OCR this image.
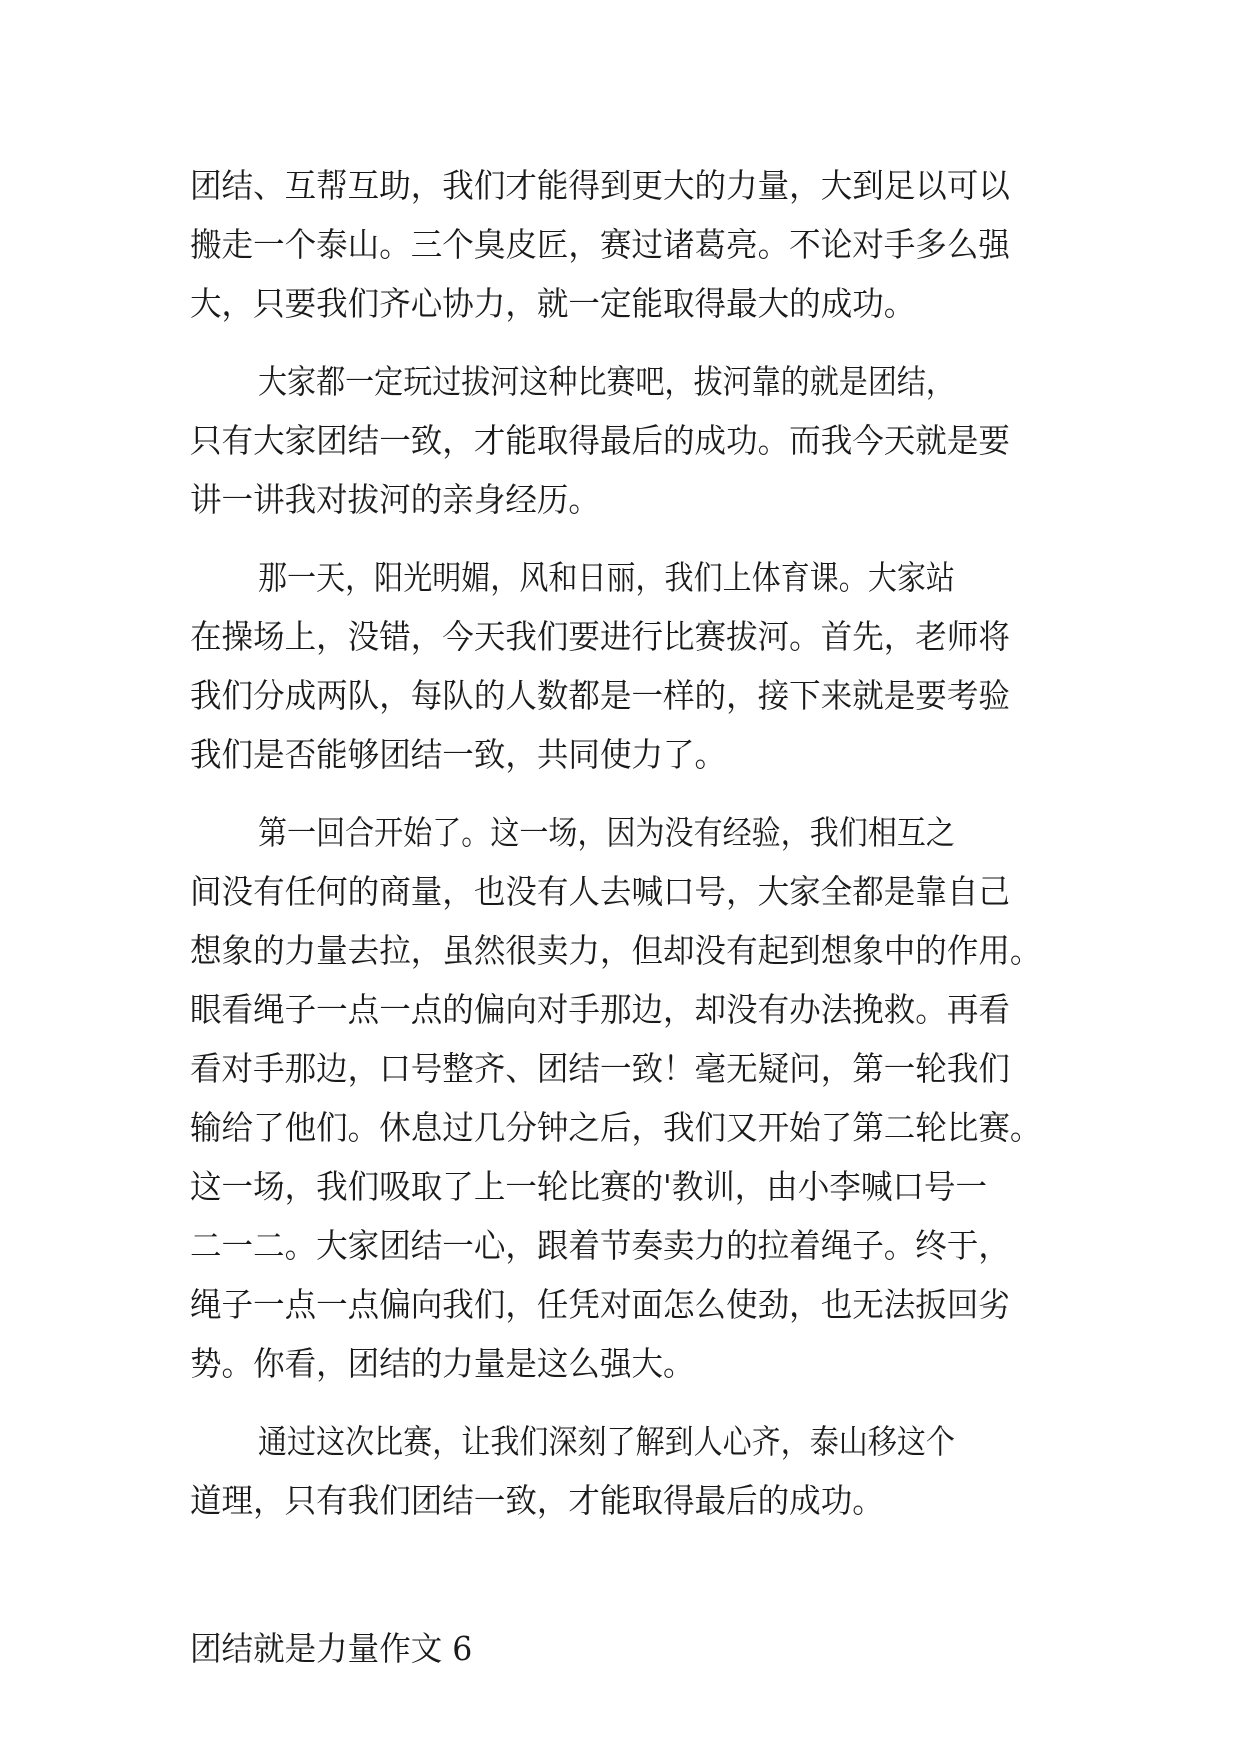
团结、互帮互助，我们才能得到更大的力量，大到足以可以
搬走一个泰山。三个臭皮匠，赛过诸葛亮。不论对手多么强
大，只要我们齐心协力，就一定能取得最大的成功。
大家都一定玩过拔河这种比赛吧，拔河靠的就是团结，
只有大家团结一致，才能取得最后的成功。而我今天就是要
讲一讲我对拔河的亲身经历。
那一天，阳光明媚，风和日丽，我们上体育课。大家站
在操场上，没错，今天我们要进行比赛拔河。首先，老师将
我们分成两队，每队的人数都是一样的，接下来就是要考验
我们是否能够团结一致，共同使力了。
第一回合开始了。这一场，因为没有经验，我们相互之
间没有任何的商量，也没有人去喊口号，大家全都是靠自己
想象的力量去拉，虽然很卖力，但却没有起到想象中的作用。
眼看绳子一点一点的偏向对手那边，却没有办法挽救。再看
看对手那边，口号整齐、团结一致！毫无疑问，第一轮我们
输给了他们。休息过几分钟之后，我们又开始了第二轮比赛。
这一场，我们吸取了上一轮比赛的'教训，由小李喊口号一
二一二。大家团结一心，跟着节奏卖力的拉着绳子。终于，
绳子一点一点偏向我们，任凭对面怎么使劲，也无法扳回劣
势。你看，团结的力量是这么强大。
通过这次比赛，让我们深刻了解到人心齐，泰山移这个
道理，只有我们团结一致，才能取得最后的成功。
团结就是力量作文 6
